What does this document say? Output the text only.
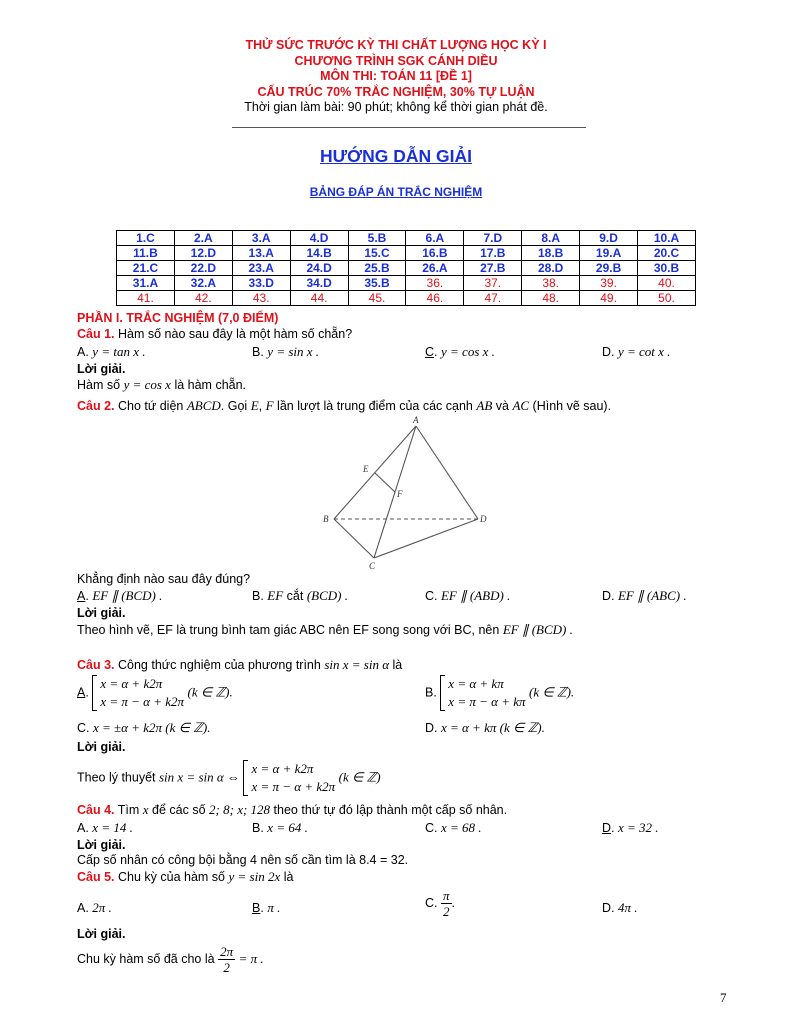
THỬ SỨC TRƯỚC KỲ THI CHẤT LƯỢNG HỌC KỲ I
CHƯƠNG TRÌNH SGK CÁNH DIỀU
MÔN THI: TOÁN 11 [ĐỀ 1]
CẤU TRÚC 70% TRẮC NGHIỆM, 30% TỰ LUẬN
Thời gian làm bài: 90 phút; không kể thời gian phát đề.
HƯỚNG DẪN GIẢI
BẢNG ĐÁP ÁN TRẮC NGHIỆM
1.C	2.A	3.A	4.D	5.B	6.A	7.D	8.A	9.D	10.A
11.B	12.D	13.A	14.B	15.C	16.B	17.B	18.B	19.A	20.C
21.C	22.D	23.A	24.D	25.B	26.A	27.B	28.D	29.B	30.B
31.A	32.A	33.D	34.D	35.B	36.	37.	38.	39.	40.
41.	42.	43.	44.	45.	46.	47.	48.	49.	50.
PHẦN I. TRẮC NGHIỆM (7,0 ĐIỂM)
Câu 1. Hàm số nào sau đây là một hàm số chẵn?
A. y = tan x .	B. y = sin x .	C. y = cos x .	D. y = cot x .
Lời giải.
Hàm số y = cos x là hàm chẵn.
Câu 2. Cho tứ diện ABCD. Gọi E, F lần lượt là trung điểm của các cạnh AB và AC (Hình vẽ sau).
A
B
C
D
E
F
Khẳng định nào sau đây đúng?
A. EF ∥ (BCD) .	B. EF cắt (BCD) .	C. EF ∥ (ABD) .	D. EF ∥ (ABC) .
Lời giải.
Theo hình vẽ, EF là trung bình tam giác ABC nên EF song song với BC, nên EF ∥ (BCD) .
Câu 3. Công thức nghiệm của phương trình sin x = sin α là
A. x = α + k2π
x = π − α + k2π (k ∈ ℤ).	B. x = α + kπ
x = π − α + kπ (k ∈ ℤ).
C. x = ±α + k2π (k ∈ ℤ).	D. x = α + kπ (k ∈ ℤ).
Lời giải.
Theo lý thuyết sin x = sin α ⇔ x = α + k2π
x = π − α + k2π (k ∈ ℤ)
Câu 4. Tìm x để các số 2; 8; x; 128 theo thứ tự đó lập thành một cấp số nhân.
A. x = 14 .	B. x = 64 .	C. x = 68 .	D. x = 32 .
Lời giải.
Cấp số nhân có công bội bằng 4 nên số cần tìm là 8.4 = 32.
Câu 5. Chu kỳ của hàm số y = sin 2x là
A. 2π .	B. π .	C. $\frac{\pi}{2}$ .	D. 4π .
Lời giải.
Chu kỳ hàm số đã cho là $\frac{2\pi}{2} = \pi$ .
7
